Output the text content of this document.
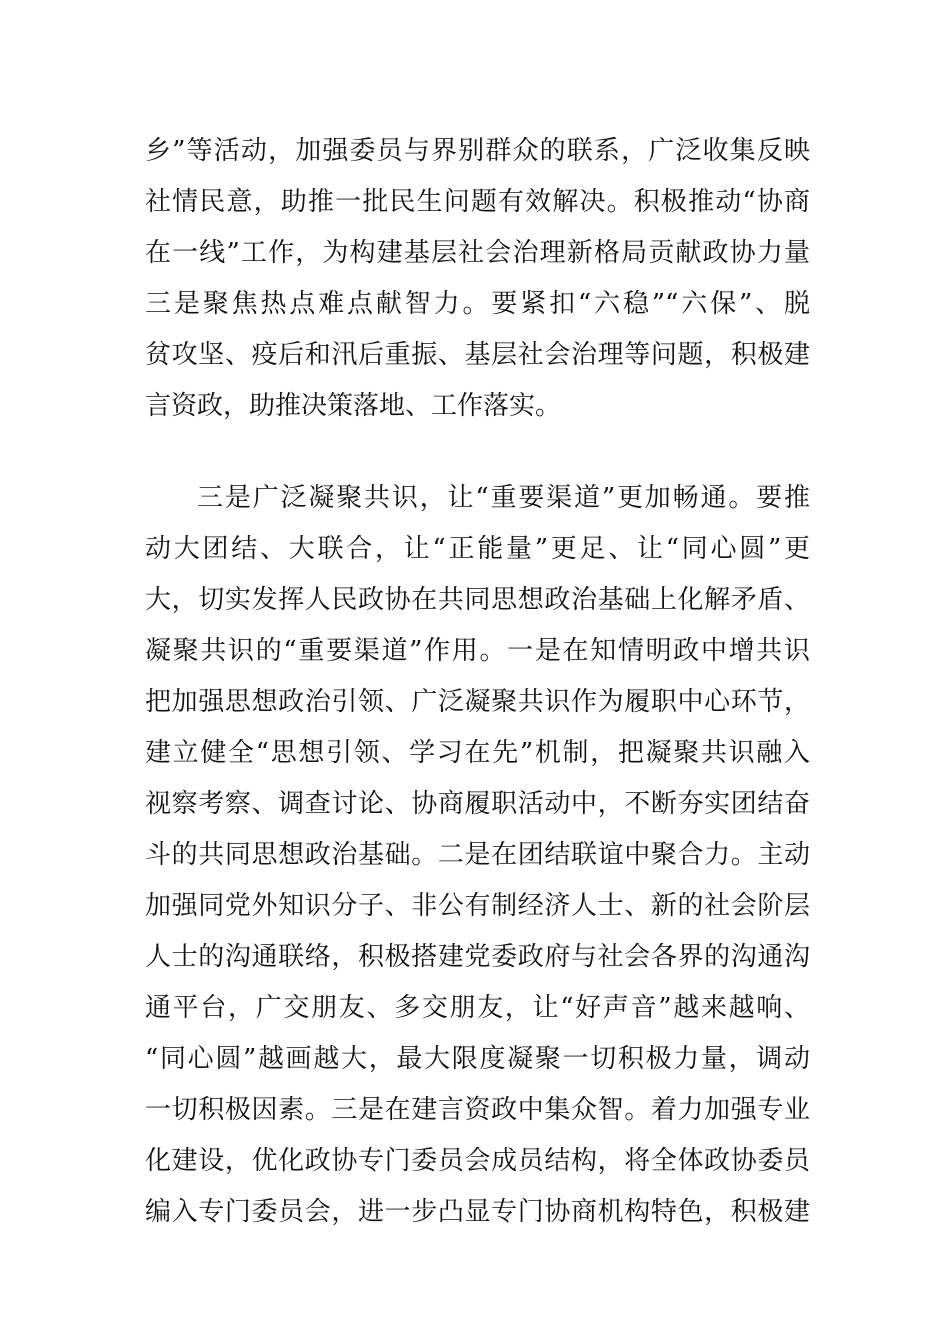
乡”等活动，加强委员与界别群众的联系，广泛收集反映
社情民意，助推一批民生问题有效解决。积极推动“协商
在一线”工作，为构建基层社会治理新格局贡献政协力量
三是聚焦热点难点献智力。要紧扣“六稳”“六保”、脱
贫攻坚、疫后和汛后重振、基层社会治理等问题，积极建
言资政，助推决策落地、工作落实。
三是广泛凝聚共识，让“重要渠道”更加畅通。要推
动大团结、大联合，让“正能量”更足、让“同心圆”更
大，切实发挥人民政协在共同思想政治基础上化解矛盾、
凝聚共识的“重要渠道”作用。一是在知情明政中增共识
把加强思想政治引领、广泛凝聚共识作为履职中心环节，
建立健全“思想引领、学习在先”机制，把凝聚共识融入
视察考察、调查讨论、协商履职活动中，不断夯实团结奋
斗的共同思想政治基础。二是在团结联谊中聚合力。主动
加强同党外知识分子、非公有制经济人士、新的社会阶层
人士的沟通联络，积极搭建党委政府与社会各界的沟通沟
通平台，广交朋友、多交朋友，让“好声音”越来越响、
“同心圆”越画越大，最大限度凝聚一切积极力量，调动
一切积极因素。三是在建言资政中集众智。着力加强专业
化建设，优化政协专门委员会成员结构，将全体政协委员
编入专门委员会，进一步凸显专门协商机构特色，积极建
